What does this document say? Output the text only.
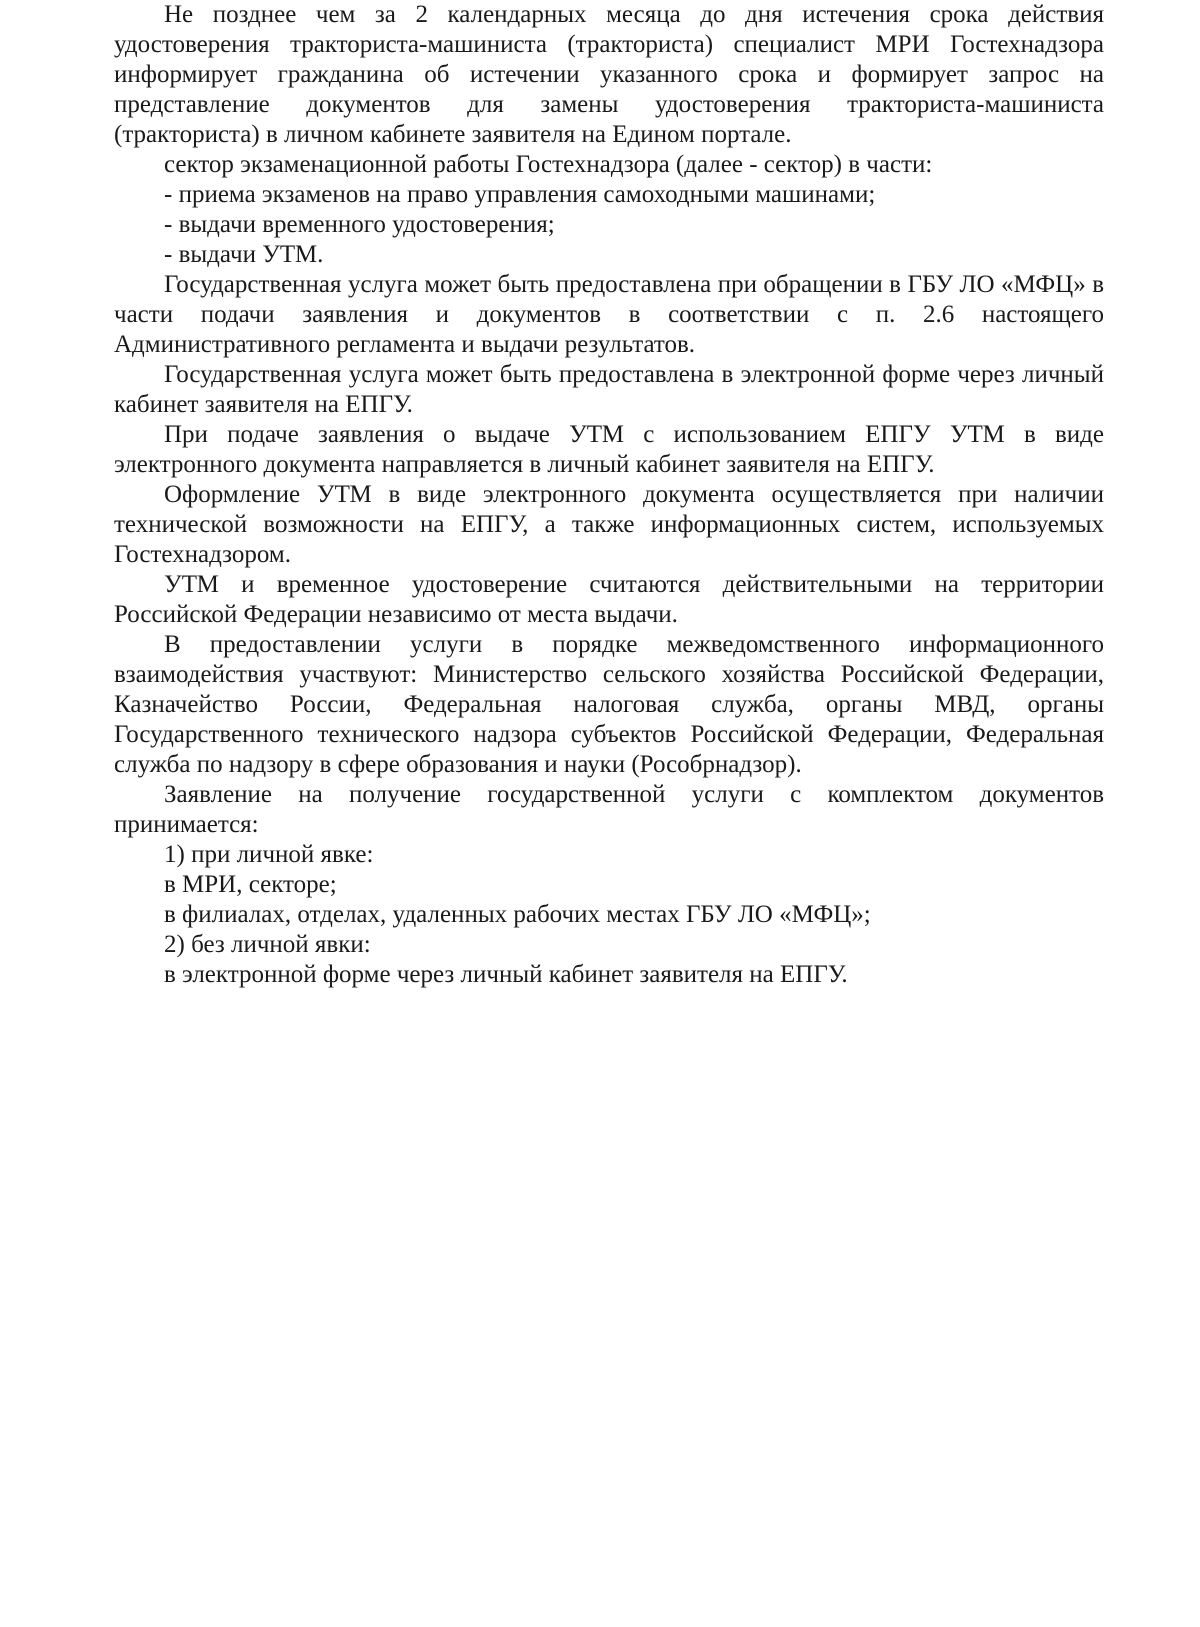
Не позднее чем за 2 календарных месяца до дня истечения срока действия удостоверения тракториста-машиниста (тракториста) специалист МРИ Гостехнадзора информирует гражданина об истечении указанного срока и формирует запрос на представление документов для замены удостоверения тракториста-машиниста (тракториста) в личном кабинете заявителя на Едином портале.

сектор экзаменационной работы Гостехнадзора (далее - сектор) в части:

- приема экзаменов на право управления самоходными машинами;

- выдачи временного удостоверения;

- выдачи УТМ.

Государственная услуга может быть предоставлена при обращении в ГБУ ЛО «МФЦ» в части подачи заявления и документов в соответствии с п. 2.6 настоящего Административного регламента и выдачи результатов.

Государственная услуга может быть предоставлена в электронной форме через личный кабинет заявителя на ЕПГУ.

При подаче заявления о выдаче УТМ с использованием ЕПГУ УТМ в виде электронного документа направляется в личный кабинет заявителя на ЕПГУ.

Оформление УТМ в виде электронного документа осуществляется при наличии технической возможности на ЕПГУ, а также информационных систем, используемых Гостехнадзором.

УТМ и временное удостоверение считаются действительными на территории Российской Федерации независимо от места выдачи.

В предоставлении услуги в порядке межведомственного информационного взаимодействия участвуют: Министерство сельского хозяйства Российской Федерации, Казначейство России, Федеральная налоговая служба, органы МВД, органы Государственного технического надзора субъектов Российской Федерации, Федеральная служба по надзору в сфере образования и науки (Рособрнадзор).

Заявление на получение государственной услуги с комплектом документов принимается:

1) при личной явке:

в МРИ, секторе;

в филиалах, отделах, удаленных рабочих местах ГБУ ЛО «МФЦ»;

2) без личной явки:

в электронной форме через личный кабинет заявителя на ЕПГУ.
